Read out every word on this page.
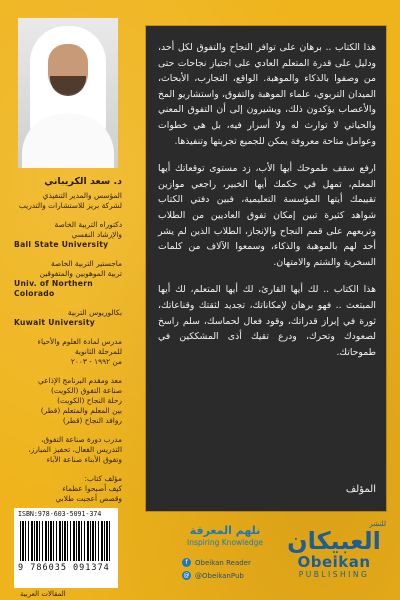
د. سعد الكريباني
المؤسس والمدير التنفيذي
لشركة بريز للاستشارات والتدريب
دكتوراه التربية الخاصة
والإرشاد النفسي
Ball State University
ماجستير التربية الخاصة
تربية الموهوبين والمتفوقين
Univ. of Northern Colorado
بكالوريوس التربية
Kuwait University
مدرس لمادة العلوم والأحياء
للمرحلة الثانوية
من ١٩٩٢ - ٢٠٠٣
معد ومقدم البرنامج الإذاعي
صناعة التفوق (الكويت)
رحلة النجاح (الكويت)
بين المعلم والمتعلم (قطر)
روافد النجاح (قطر)
مدرب دورة صناعة التفوق،
التدريس الفعال، تحفيز المبارز،
وتفوق الأبناء صناعة الآباء
مؤلف كتاب:
كيف أصبحوا عظماء
وقصص أعجبت طلابي

هذا الكتاب .. برهان على توافر النجاح والتفوق لكل أحد، ودليل على قدرة المتعلم العادي على اجتياز نجاحات حتى من وصفوا بالذكاء والموهبة. الواقع، التجارب، الأبحاث، الميدان التربوي، علماء الموهبة والتفوق، واستشاريو المخ والأعصاب يؤكدون ذلك، ويشيرون إلى أن التفوق المعني والحياتي لا توارث له ولا أسرار فيه، بل هي خطوات وعوامل متاحة معروفة يمكن للجميع تجربتها وتنفيذها.

ارفع سقف طموحك أيها الأب، زد مستوى توقعاتك أيها المعلم، تمهل في حكمك أيها الخبير، راجعي موازين تقييمك أيتها المؤسسة التعليمية، فبين دفتي الكتاب شواهد كثيرة تبين إمكان تفوق العاديين من الطلاب وتربعهم على قمم النجاح والإنجاز، الطلاب الذين لم يشر أحد لهم بالموهبة والذكاء، وسمعوا الآلاف من كلمات السخرية والشتم والامتهان.

هذا الكتاب .. لك أيها القارئ، لك أيها المتعلم، لك أيها المبتعث .. فهو برهان لإمكاناتك، تجديد لثقتك وقناعاتك، ثورة في إبراز قدراتك، وقود فعال لحماسك، سلم راسخ لصعودك وتحرك، ودرع تقيك أذى المشككين في طموحاتك.

المؤلف
ISBN:978-603-5091-374
9 786035 091374
المقالات العربية
نلهم المعرفة
Inspiring Knowledge
f	Obeikan Reader
@ @ObeikanPub
للنشر
العبيكان
Obeikan
PUBLISHING
